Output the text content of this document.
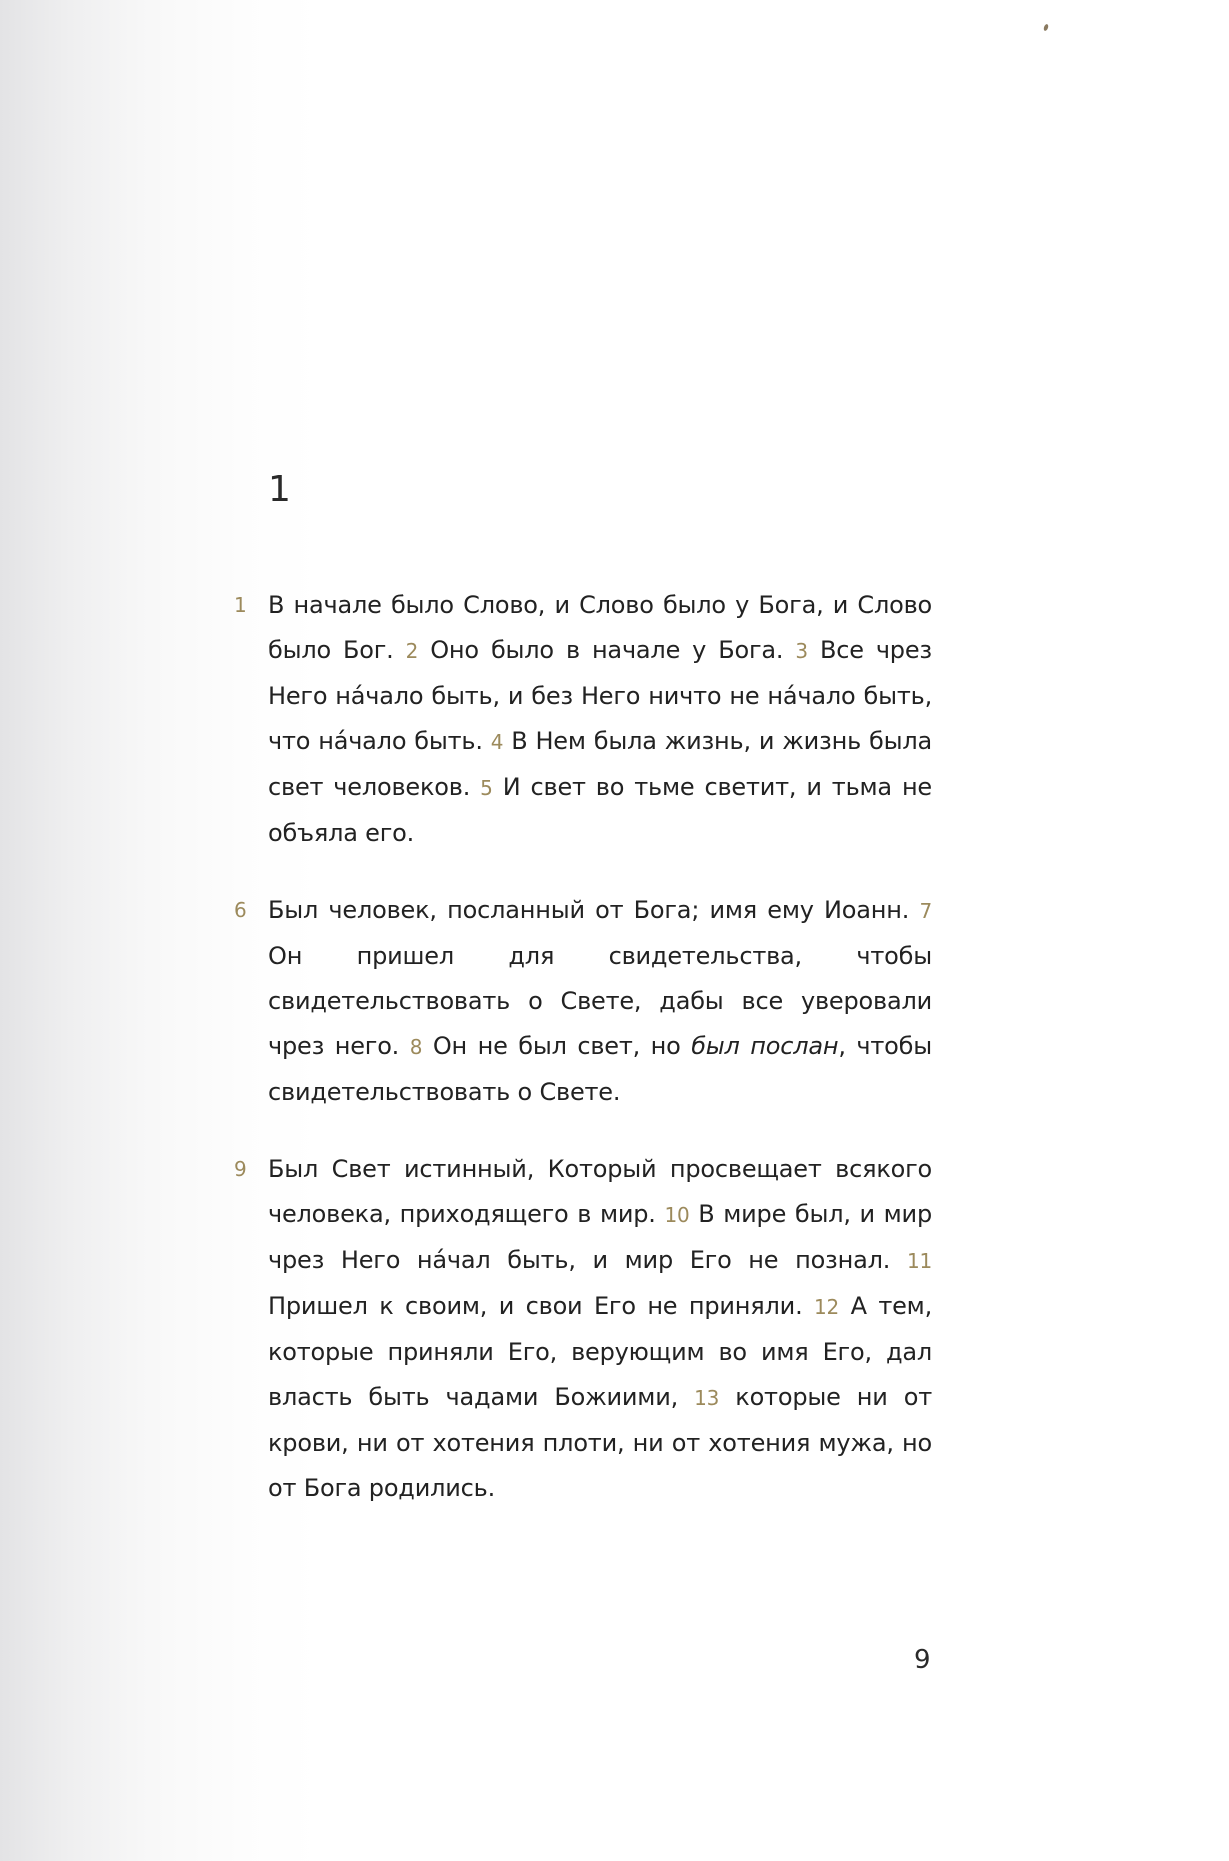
1

1 В начале было Слово, и Слово было у Бога, и Слово было Бог. 2 Оно было в начале у Бога. 3 Все чрез Него на́чало быть, и без Него ничто не на́чало быть, что на́чало быть. 4 В Нем была жизнь, и жизнь была свет человеков. 5 И свет во тьме светит, и тьма не объяла его.

6 Был человек, посланный от Бога; имя ему Иоанн. 7 Он пришел для свидетельства, чтобы свидетельствовать о Свете, дабы все уверовали чрез него. 8 Он не был свет, но был послан, чтобы свидетельствовать о Свете.

9 Был Свет истинный, Который просвещает всякого человека, приходящего в мир. 10 В мире был, и мир чрез Него на́чал быть, и мир Его не познал. 11 Пришел к своим, и свои Его не приняли. 12 А тем, которые приняли Его, верующим во имя Его, дал власть быть чадами Божиими, 13 которые ни от крови, ни от хотения плоти, ни от хотения мужа, но от Бога родились.

9
